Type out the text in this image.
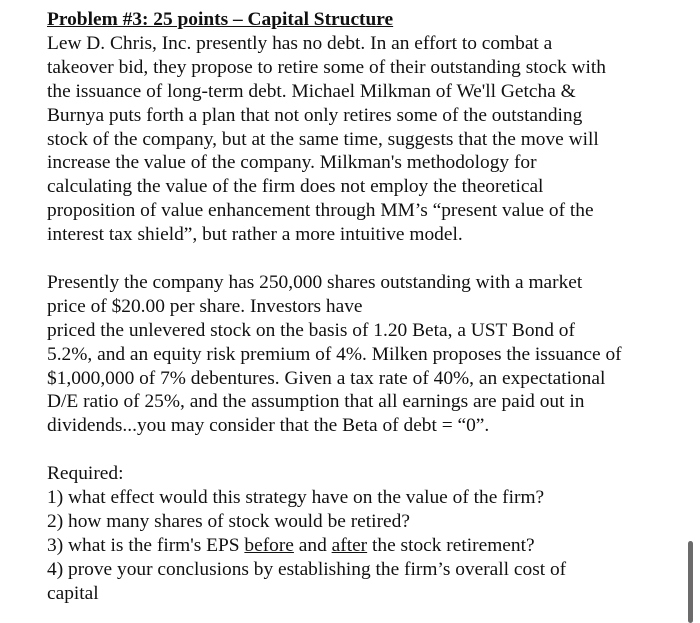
Problem #3: 25 points – Capital Structure
Lew D. Chris, Inc. presently has no debt. In an effort to combat a
takeover bid, they propose to retire some of their outstanding stock with
the issuance of long-term debt. Michael Milkman of We'll Getcha &
Burnya puts forth a plan that not only retires some of the outstanding
stock of the company, but at the same time, suggests that the move will
increase the value of the company. Milkman's methodology for
calculating the value of the firm does not employ the theoretical
proposition of value enhancement through MM’s “present value of the
interest tax shield”, but rather a more intuitive model.
Presently the company has 250,000 shares outstanding with a market
price of $20.00 per share. Investors have
priced the unlevered stock on the basis of 1.20 Beta, a UST Bond of
5.2%, and an equity risk premium of 4%. Milken proposes the issuance of
$1,000,000 of 7% debentures. Given a tax rate of 40%, an expectational
D/E ratio of 25%, and the assumption that all earnings are paid out in
dividends...you may consider that the Beta of debt = “0”.
Required:
1) what effect would this strategy have on the value of the firm?
2) how many shares of stock would be retired?
3) what is the firm's EPS before and after the stock retirement?
4) prove your conclusions by establishing the firm’s overall cost of
capital
